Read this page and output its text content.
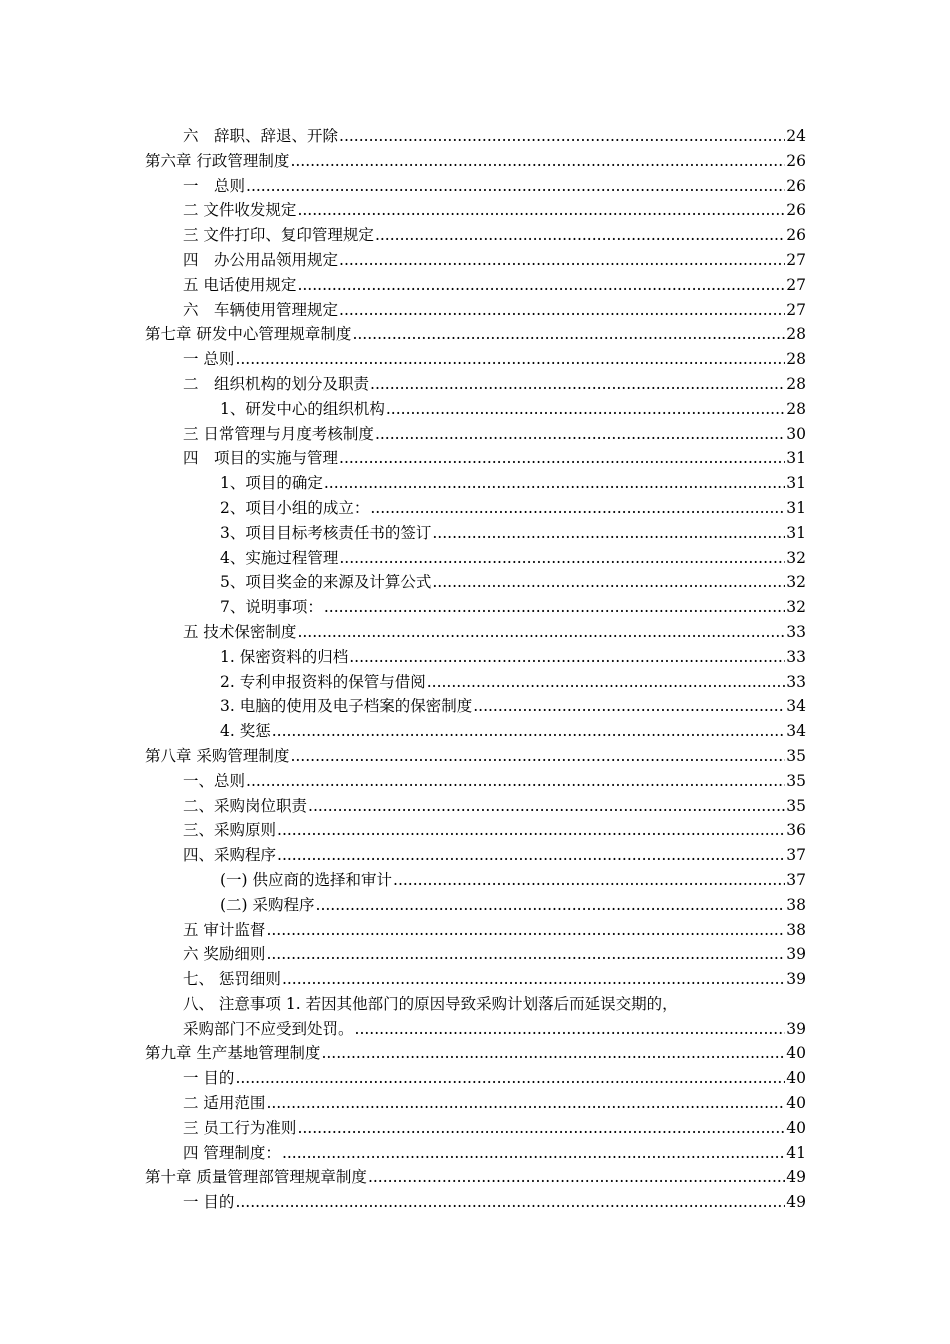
六　辞职、辞退、开除 .....	24
第六章 行政管理制度 .....	26
一　总则 .....	26
二 文件收发规定 .....	26
三 文件打印、复印管理规定 .....	26
四　办公用品领用规定 .....	27
五 电话使用规定 .....	27
六　车辆使用管理规定 .....	27
第七章 研发中心管理规章制度 .....	28
一 总则 .....	28
二　组织机构的划分及职责 .....	28
1、研发中心的组织机构 .....	28
三 日常管理与月度考核制度 .....	30
四　项目的实施与管理 .....	31
1、项目的确定 .....	31
2、项目小组的成立： .....	31
3、项目目标考核责任书的签订 .....	31
4、实施过程管理 .....	32
5、项目奖金的来源及计算公式 .....	32
7、说明事项： .....	32
五 技术保密制度 .....	33
1. 保密资料的归档 .....	33
2. 专利申报资料的保管与借阅 .....	33
3. 电脑的使用及电子档案的保密制度 .....	34
4. 奖惩 .....	34
第八章 采购管理制度 .....	35
一、总则 .....	35
二、采购岗位职责 .....	35
三、采购原则 .....	36
四、采购程序 .....	37
(一) 供应商的选择和审计 .....	37
(二) 采购程序 .....	38
五 审计监督 .....	38
六 奖励细则 .....	39
七、 惩罚细则 .....	39
八、 注意事项 1. 若因其他部门的原因导致采购计划落后而延误交期的，
采购部门不应受到处罚。 .....	39
第九章 生产基地管理制度 .....	40
一 目的 .....	40
二 适用范围 .....	40
三 员工行为准则 .....	40
四 管理制度： .....	41
第十章 质量管理部管理规章制度 .....	49
一 目的 .....	49
